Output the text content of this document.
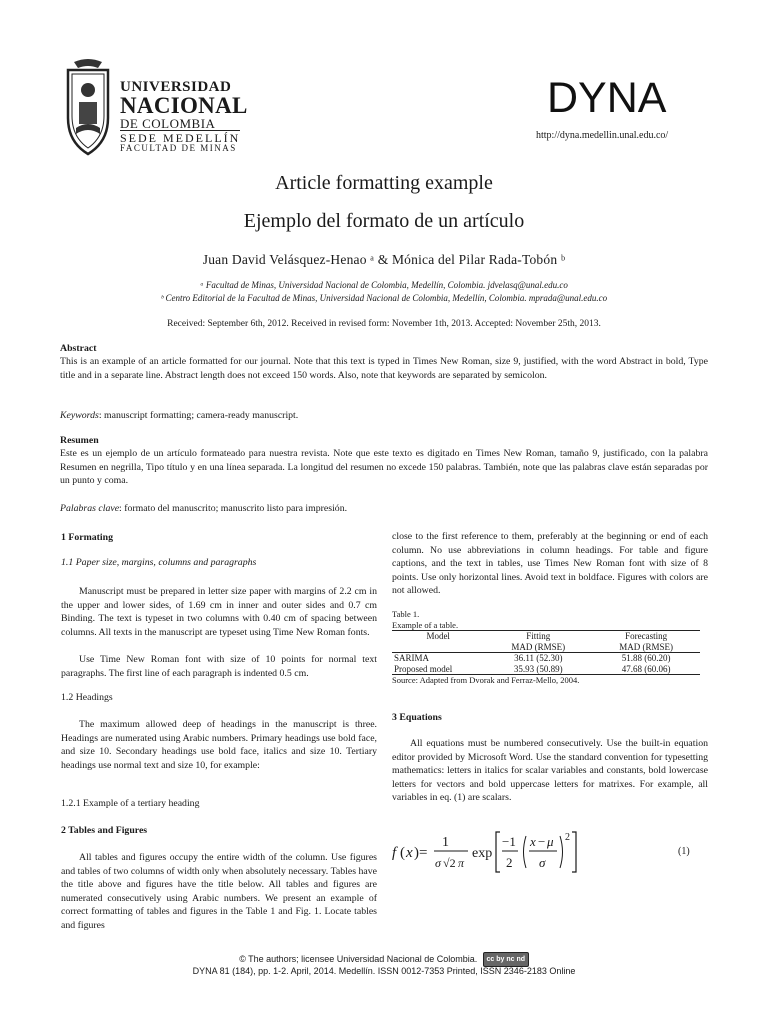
UNIVERSIDAD
NACIONAL
DE COLOMBIA
SEDE MEDELLÍN
FACULTAD DE MINAS
DYNA
http://dyna.medellin.unal.edu.co/
Article formatting example
Ejemplo del formato de un artículo
Juan David Velásquez-Henao ᵃ & Mónica del Pilar Rada-Tobón ᵇ
ᵃ Facultad de Minas, Universidad Nacional de Colombia, Medellín, Colombia. jdvelasq@unal.edu.co
ᵇ Centro Editorial de la Facultad de Minas, Universidad Nacional de Colombia, Medellín, Colombia. mprada@unal.edu.co
Received: September 6th, 2012. Received in revised form: November 1th, 2013. Accepted: November 25th, 2013.
Abstract
This is an example of an article formatted for our journal. Note that this text is typed in Times New Roman, size 9, justified, with the word Abstract in bold, Type title and in a separate line. Abstract length does not exceed 150 words. Also, note that keywords are separated by semicolon.
Keywords: manuscript formatting; camera-ready manuscript.
Resumen
Este es un ejemplo de un artículo formateado para nuestra revista. Note que este texto es digitado en Times New Roman, tamaño 9, justificado, con la palabra Resumen en negrilla, Tipo título y en una línea separada. La longitud del resumen no excede 150 palabras. También, note que las palabras clave están separadas por un punto y coma.
Palabras clave: formato del manuscrito; manuscrito listo para impresión.
1 Formating
1.1 Paper size, margins, columns and paragraphs
Manuscript must be prepared in letter size paper with margins of 2.2 cm in the upper and lower sides, of 1.69 cm in inner and outer sides and 0.7 cm Binding. The text is typeset in two columns with 0.40 cm of spacing between columns. All texts in the manuscript are typeset using Time New Roman fonts.
Use Time New Roman font with size of 10 points for normal text paragraphs. The first line of each paragraph is indented 0.5 cm.
1.2 Headings
The maximum allowed deep of headings in the manuscript is three. Headings are numerated using Arabic numbers. Primary headings use bold face, and size 10. Secondary headings use bold face, italics and size 10. Tertiary headings use normal text and size 10, for example:
1.2.1 Example of a tertiary heading
2 Tables and Figures
All tables and figures occupy the entire width of the column. Use figures and tables of two columns of width only when absolutely necessary. Tables have the title above and figures have the title below. All tables and figures are numerated consecutively using Arabic numbers. We present an example of correct formatting of tables and figures in the Table 1 and Fig. 1. Locate tables and figures
close to the first reference to them, preferably at the beginning or end of each column. No use abbreviations in column headings. For table and figure captions, and the text in tables, use Times New Roman font with size of 8 points. Use only horizontal lines. Avoid text in boldface. Figures with colors are not allowed.
Table 1.
Example of a table.
Model	Fitting	Forecasting
	MAD (RMSE)	MAD (RMSE)
SARIMA	36.11 (52.30)	51.88 (60.20)
Proposed model	35.93 (50.89)	47.68 (60.06)
Source: Adapted from Dvorak and Ferraz-Mello, 2004.
3 Equations
All equations must be numbered consecutively. Use the built-in equation editor provided by Microsoft Word. Use the standard convention for typesetting mathematics: letters in italics for scalar variables and constants, bold lowercase letters for vectors and bold uppercase letters for matrixes. For example, all variables in eq. (1) are scalars.
f ( x )=
1
σ √2 π
exp
−1
2
x − μ
σ
2
(1)
© The authors; licensee Universidad Nacional de Colombia. cc by nc nd
DYNA 81 (184), pp. 1-2. April, 2014. Medellín. ISSN 0012-7353 Printed, ISSN 2346-2183 Online
